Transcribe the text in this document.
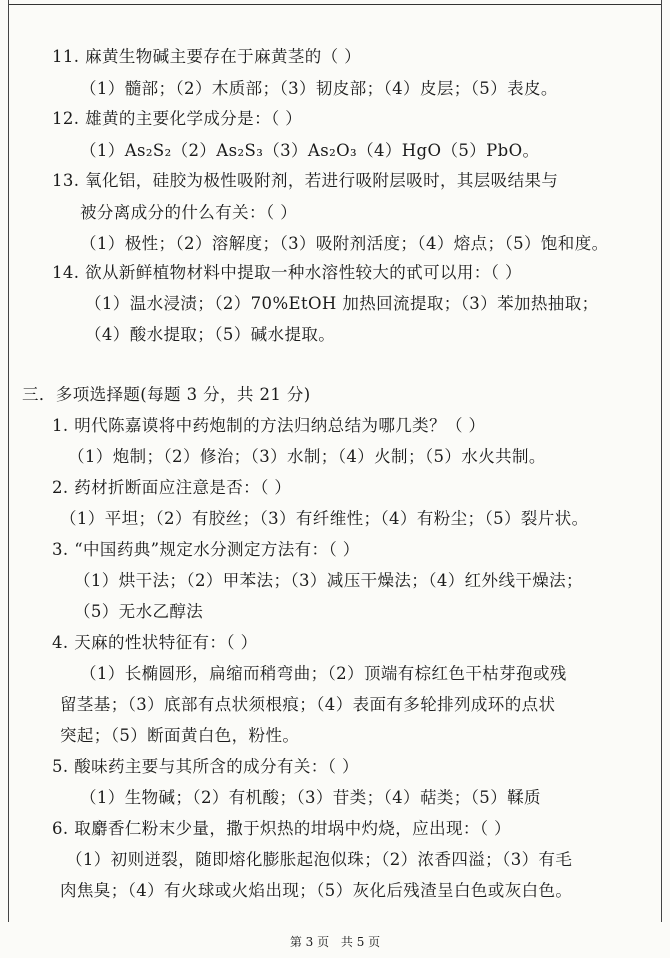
11. 麻黄生物碱主要存在于麻黄茎的（ ）
（1）髓部；（2）木质部；（3）韧皮部；（4）皮层；（5）表皮。
12. 雄黄的主要化学成分是：（ ）
（1）As₂S₂（2）As₂S₃（3）As₂O₃（4）HgO（5）PbO。
13. 氧化铝，硅胶为极性吸附剂，若进行吸附层吸时，其层吸结果与
被分离成分的什么有关：（ ）
（1）极性；（2）溶解度；（3）吸附剂活度；（4）熔点；（5）饱和度。
14. 欲从新鲜植物材料中提取一种水溶性较大的甙可以用：（ ）
（1）温水浸渍；（2）70%EtOH 加热回流提取；（3）苯加热抽取；
（4）酸水提取；（5）碱水提取。
三．多项选择题(每题 3 分，共 21 分)
1. 明代陈嘉谟将中药炮制的方法归纳总结为哪几类？（ ）
（1）炮制；（2）修治；（3）水制；（4）火制；（5）水火共制。
2. 药材折断面应注意是否：（ ）
（1）平坦；（2）有胶丝；（3）有纤维性；（4）有粉尘；（5）裂片状。
3. “中国药典”规定水分测定方法有：（ ）
（1）烘干法；（2）甲苯法；（3）减压干燥法；（4）红外线干燥法；
（5）无水乙醇法
4. 天麻的性状特征有：（ ）
（1）长椭圆形，扁缩而稍弯曲；（2）顶端有棕红色干枯芽孢或残
留茎基；（3）底部有点状须根痕；（4）表面有多轮排列成环的点状
突起；（5）断面黄白色，粉性。
5. 酸味药主要与其所含的成分有关：（ ）
（1）生物碱；（2）有机酸；（3）苷类；（4）萜类；（5）鞣质
6. 取麝香仁粉末少量，撒于炽热的坩埚中灼烧，应出现：（ ）
（1）初则迸裂，随即熔化膨胀起泡似珠；（2）浓香四溢；（3）有毛
肉焦臭；（4）有火球或火焰出现；（5）灰化后残渣呈白色或灰白色。
第 3 页 共 5 页
